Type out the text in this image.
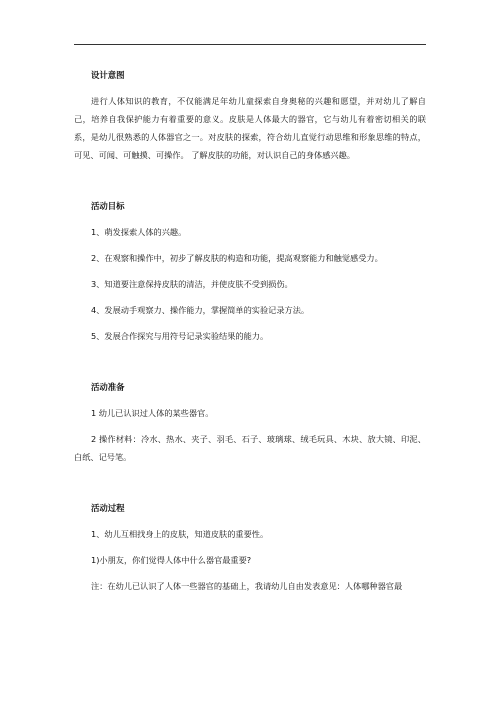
设计意图

进行人体知识的教育，不仅能满足年幼儿童探索自身奥秘的兴趣和愿望，并对幼儿了解自己，培养自我保护能力有着重要的意义。皮肤是人体最大的器官，它与幼儿有着密切相关的联系，是幼儿很熟悉的人体器官之一。对皮肤的探索，符合幼儿直觉行动思维和形象思维的特点，可见、可闻、可触摸、可操作。 了解皮肤的功能，对认识自己的身体感兴趣。

活动目标

1、萌发探索人体的兴趣。

2、在观察和操作中，初步了解皮肤的构造和功能，提高观察能力和触觉感受力。

3、知道要注意保持皮肤的清洁，并使皮肤不受到损伤。

4、发展动手观察力、操作能力，掌握简单的实验记录方法。

5、发展合作探究与用符号记录实验结果的能力。

活动准备

1 幼儿已认识过人体的某些器官。

2 操作材料：冷水、热水、夹子、羽毛、石子、玻璃球、绒毛玩具、木块、放大镜、印泥、白纸、记号笔。

活动过程

1、幼儿互相找身上的皮肤，知道皮肤的重要性。

1)小朋友，你们觉得人体中什么器官最重要?

注：在幼儿已认识了人体一些器官的基础上，我请幼儿自由发表意见：人体哪种器官最
